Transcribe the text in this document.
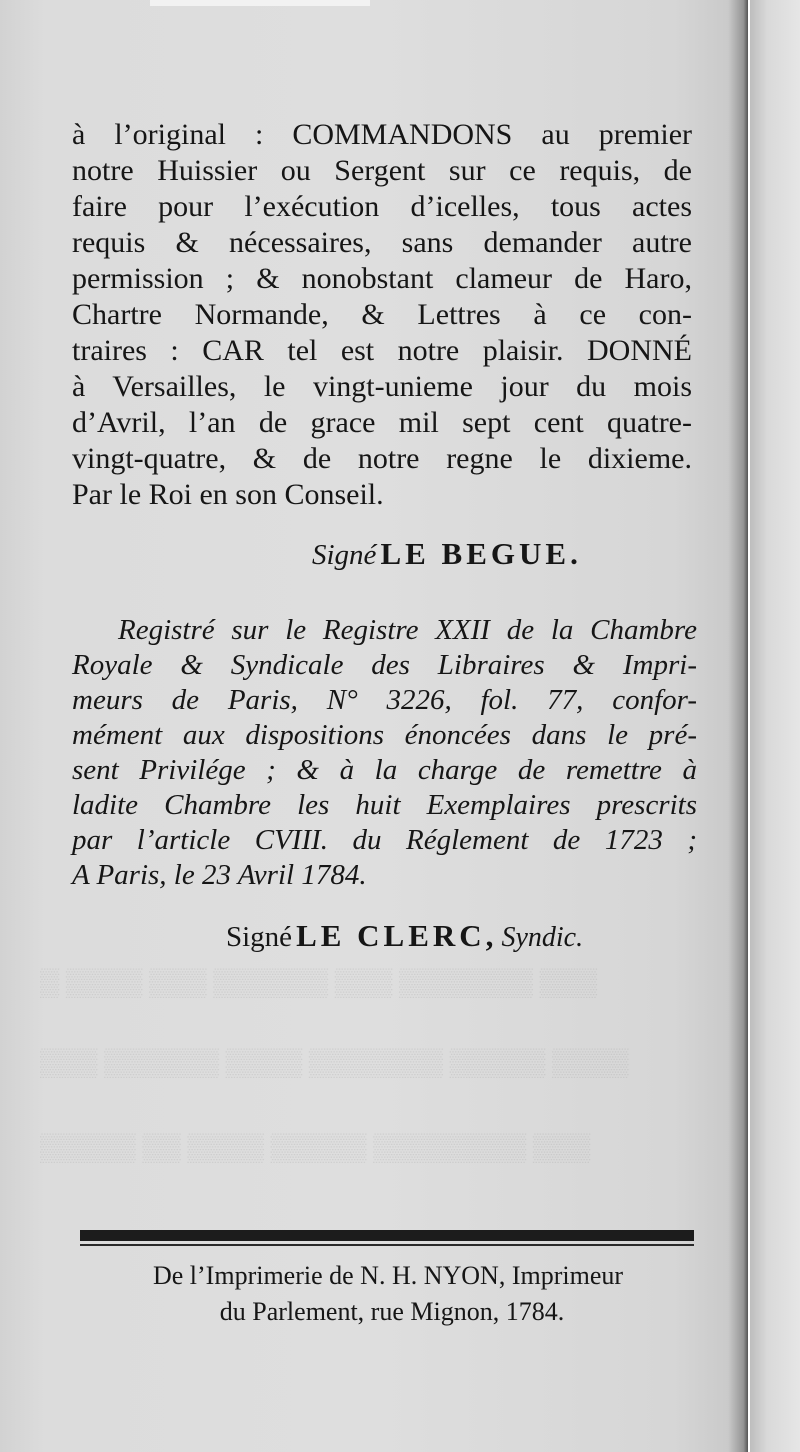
▒ ▒▒▒▒ ▒▒▒ ▒▒▒▒▒▒ ▒▒▒ ▒▒▒▒▒▒▒ ▒▒▒
▒▒▒ ▒▒▒▒▒▒ ▒▒▒▒ ▒▒▒▒▒▒▒ ▒▒▒▒▒ ▒▒▒▒
▒▒▒▒▒ ▒▒ ▒▒▒▒ ▒▒▒▒▒ ▒▒▒▒▒▒▒▒ ▒▒▒
à l’original : COMMANDONS au premier
notre Huissier ou Sergent sur ce requis, de
faire pour l’exécution d’icelles, tous actes
requis & nécessaires, sans demander autre
permission ; & nonobstant clameur de Haro,
Chartre Normande, & Lettres à ce con-
traires : CAR tel est notre plaisir. DONNÉ
à Versailles, le vingt-unieme jour du mois
d’Avril, l’an de grace mil sept cent quatre-
vingt-quatre, & de notre regne le dixieme.
Par le Roi en son Conseil.
Signé LE BEGUE.
Registré sur le Registre XXII de la Chambre
Royale & Syndicale des Libraires & Impri-
meurs de Paris, N° 3226, fol. 77, confor-
mément aux dispositions énoncées dans le pré-
sent Privilége ; & à la charge de remettre à
ladite Chambre les huit Exemplaires prescrits
par l’article CVIII. du Réglement de 1723 ;
A Paris, le 23 Avril 1784.
Signé LE CLERC, Syndic.
De l’Imprimerie de N. H. NYON, Imprimeur
du Parlement, rue Mignon, 1784.
